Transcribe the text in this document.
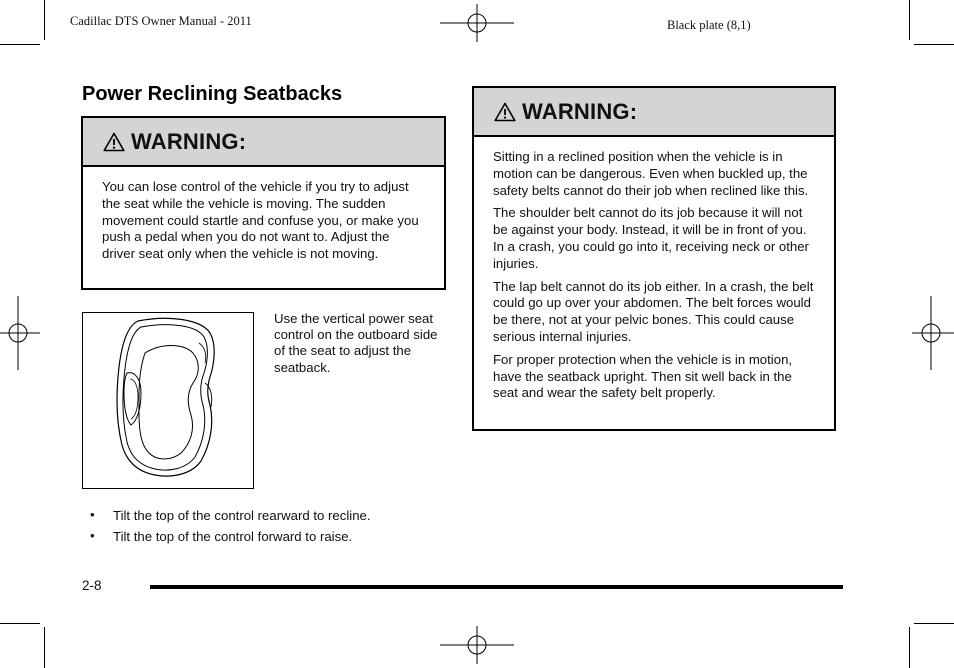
Cadillac DTS Owner Manual - 2011	Black plate (8,1)
Power Reclining Seatbacks
WARNING:

You can lose control of the vehicle if you try to adjust the seat while the vehicle is moving. The sudden movement could startle and confuse you, or make you push a pedal when you do not want to. Adjust the driver seat only when the vehicle is not moving.

Use the vertical power seat control on the outboard side of the seat to adjust the seatback.
• Tilt the top of the control rearward to recline.
• Tilt the top of the control forward to raise.
WARNING:

Sitting in a reclined position when the vehicle is in motion can be dangerous. Even when buckled up, the safety belts cannot do their job when reclined like this.

The shoulder belt cannot do its job because it will not be against your body. Instead, it will be in front of you. In a crash, you could go into it, receiving neck or other injuries.

The lap belt cannot do its job either. In a crash, the belt could go up over your abdomen. The belt forces would be there, not at your pelvic bones. This could cause serious internal injuries.

For proper protection when the vehicle is in motion, have the seatback upright. Then sit well back in the seat and wear the safety belt properly.

2-8
